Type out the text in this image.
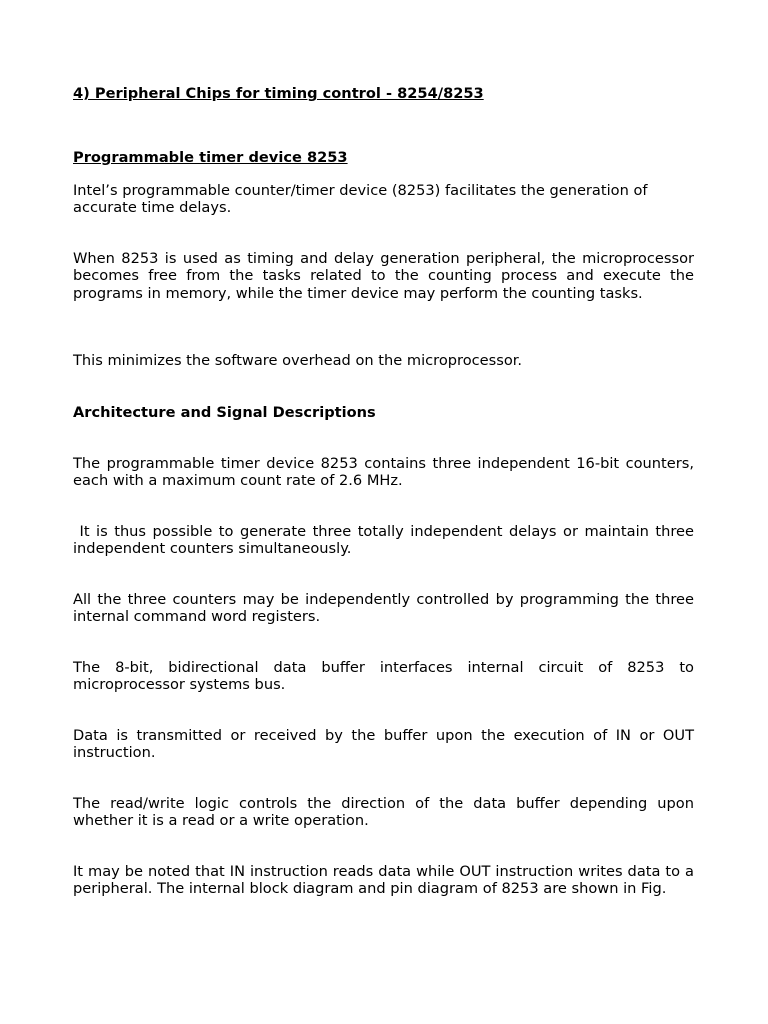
4) Peripheral Chips for timing control - 8254/8253

Programmable timer device 8253

Intel’s programmable counter/timer device (8253) facilitates the generation of accurate time delays.

When 8253 is used as timing and delay generation peripheral, the microprocessor becomes free from the tasks related to the counting process and execute the programs in memory, while the timer device may perform the counting tasks.

This minimizes the software overhead on the microprocessor.

Architecture and Signal Descriptions

The programmable timer device 8253 contains three independent 16-bit counters, each with a maximum count rate of 2.6 MHz.

It is thus possible to generate three totally independent delays or maintain three independent counters simultaneously.

All the three counters may be independently controlled by programming the three internal command word registers.

The 8-bit, bidirectional data buffer interfaces internal circuit of 8253 to microprocessor systems bus.

Data is transmitted or received by the buffer upon the execution of IN or OUT instruction.

The read/write logic controls the direction of the data buffer depending upon whether it is a read or a write operation.

It may be noted that IN instruction reads data while OUT instruction writes data to a peripheral. The internal block diagram and pin diagram of 8253 are shown in Fig.
